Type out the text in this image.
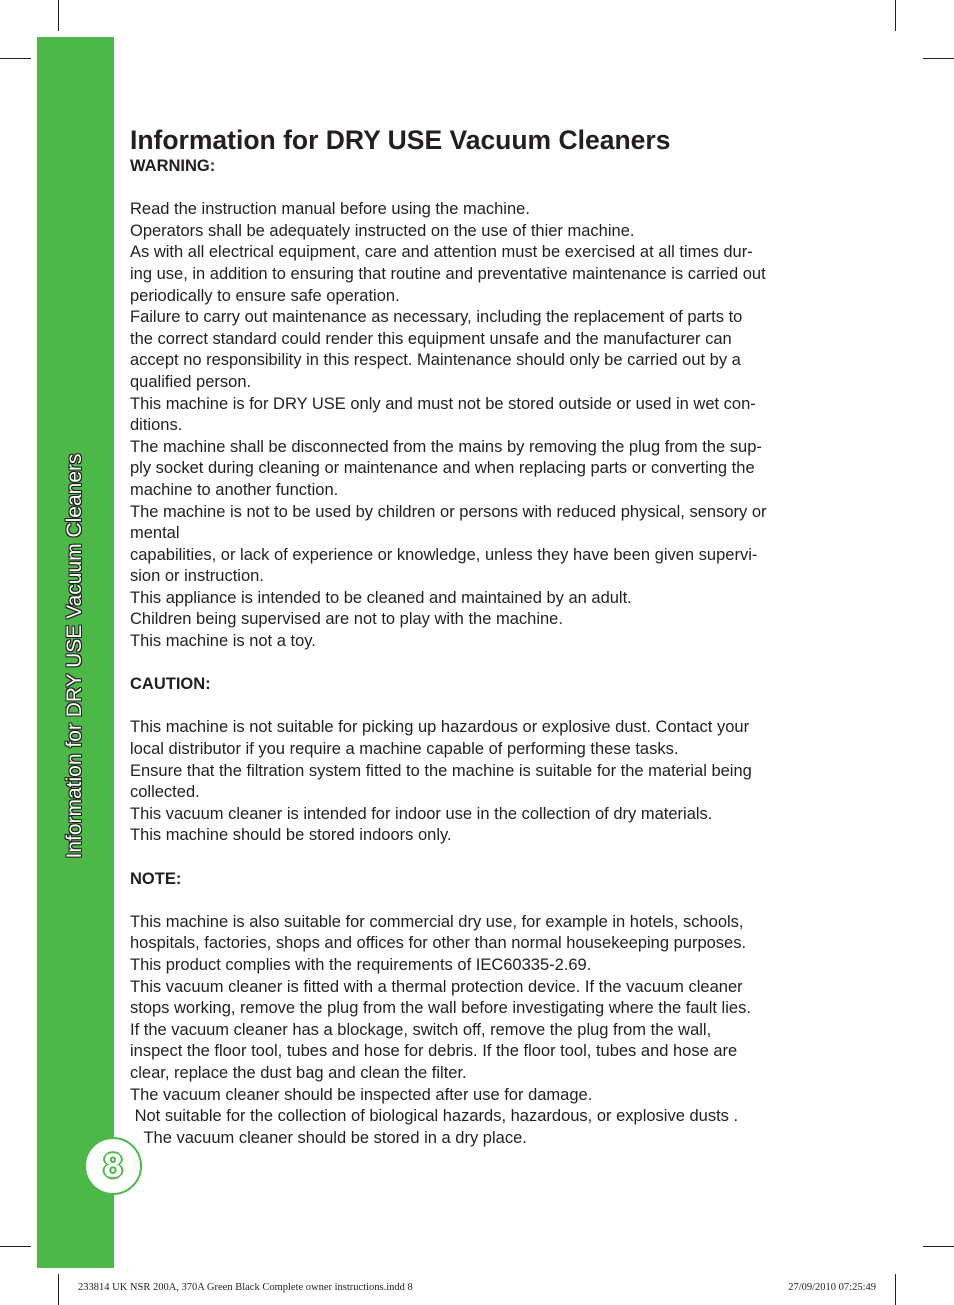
Information for DRY USE Vacuum Cleaners
8
Information for DRY USE Vacuum Cleaners

WARNING:

Read the instruction manual before using the machine.

Operators shall be adequately instructed on the use of thier machine.

As with all electrical equipment, care and attention must be exercised at all times dur-
ing use, in addition to ensuring that routine and preventative maintenance is carried out
periodically to ensure safe operation.

Failure to carry out maintenance as necessary, including the replacement of parts to
the correct standard could render this equipment unsafe and the manufacturer can
accept no responsibility in this respect. Maintenance should only be carried out by a
qualified person.

This machine is for DRY USE only and must not be stored outside or used in wet con-
ditions.

The machine shall be disconnected from the mains by removing the plug from the sup-
ply socket during cleaning or maintenance and when replacing parts or converting the
machine to another function.

The machine is not to be used by children or persons with reduced physical, sensory or
mental

capabilities, or lack of experience or knowledge, unless they have been given supervi-
sion or instruction.

This appliance is intended to be cleaned and maintained by an adult.

Children being supervised are not to play with the machine.

This machine is not a toy.

CAUTION:

This machine is not suitable for picking up hazardous or explosive dust. Contact your
local distributor if you require a machine capable of performing these tasks.

Ensure that the filtration system fitted to the machine is suitable for the material being
collected.

This vacuum cleaner is intended for indoor use in the collection of dry materials.

This machine should be stored indoors only.

NOTE:

This machine is also suitable for commercial dry use, for example in hotels, schools,
hospitals, factories, shops and offices for other than normal housekeeping purposes.

This product complies with the requirements of IEC60335-2.69.

This vacuum cleaner is fitted with a thermal protection device. If the vacuum cleaner
stops working, remove the plug from the wall before investigating where the fault lies.

If the vacuum cleaner has a blockage, switch off, remove the plug from the wall,
inspect the floor tool, tubes and hose for debris. If the floor tool, tubes and hose are
clear, replace the dust bag and clean the filter.

The vacuum cleaner should be inspected after use for damage.

Not suitable for the collection of biological hazards, hazardous, or explosive dusts .

The vacuum cleaner should be stored in a dry place.

233814 UK NSR 200A, 370A Green Black Complete owner instructions.indd 8	27/09/2010 07:25:49
